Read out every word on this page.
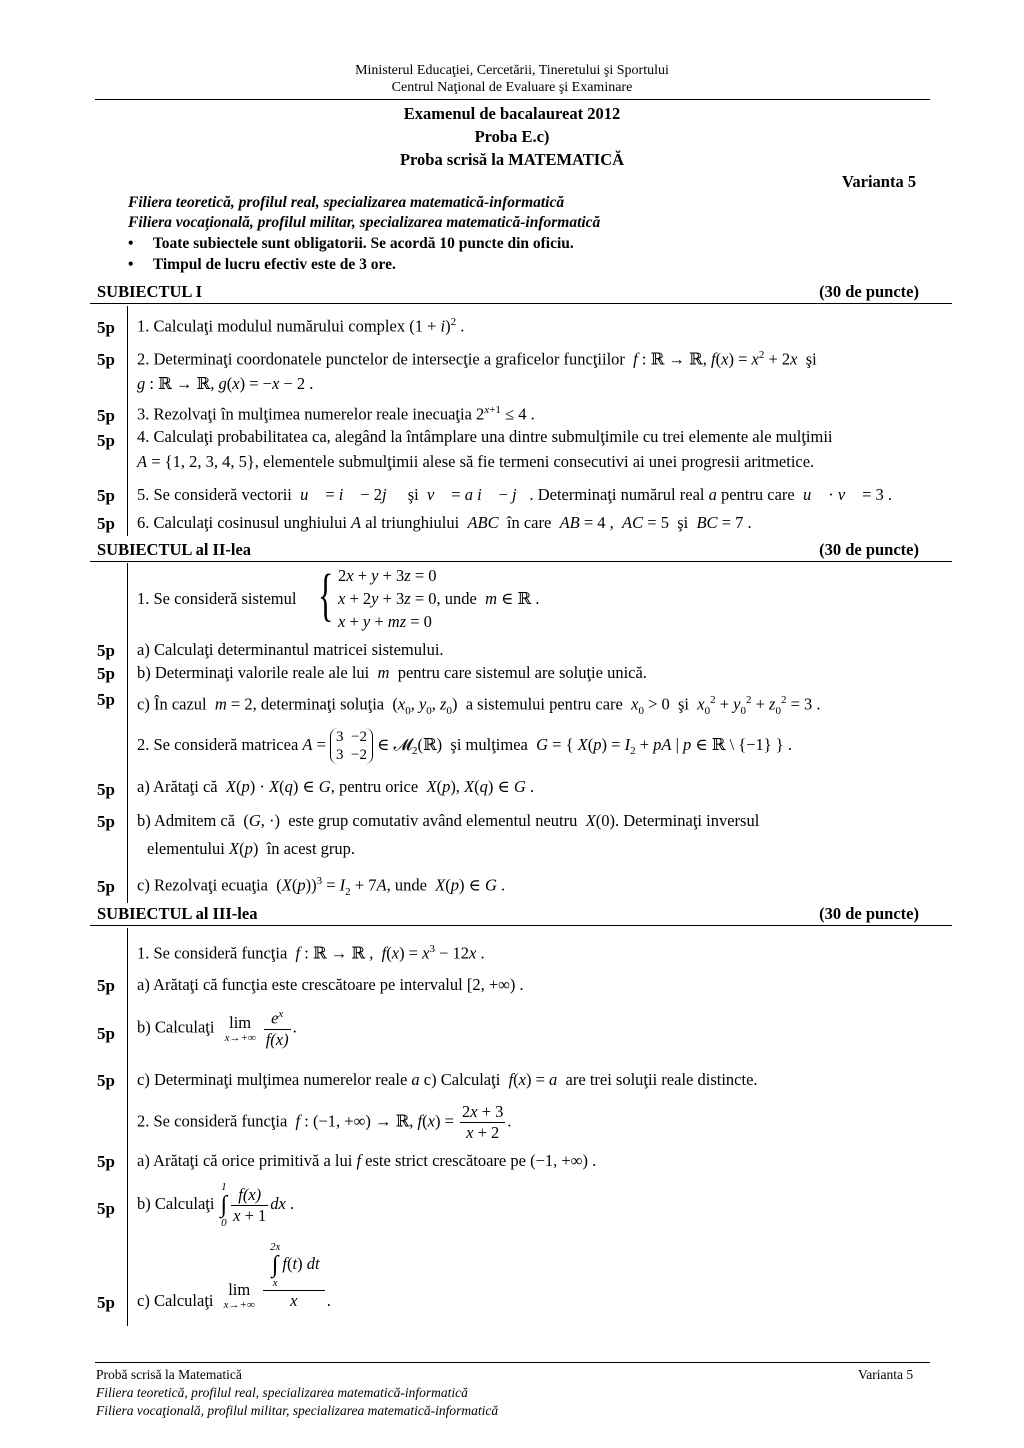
Ministerul Educaţiei, Cercetării, Tineretului şi Sportului
Centrul Naţional de Evaluare şi Examinare
Examenul de bacalaureat 2012
Proba E.c)
Proba scrisă la MATEMATICĂ
Varianta 5
Filiera teoretică, profilul real, specializarea matematică-informatică
Filiera vocaţională, profilul militar, specializarea matematică-informatică
•     Toate subiectele sunt obligatorii. Se acordă 10 puncte din oficiu.
•     Timpul de lucru efectiv este de 3 ore.
SUBIECTUL I	(30 de puncte)
5p 1. Calculaţi modulul numărului complex $(1 + i)^2$ .
5p 2. Determinaţi coordonatele punctelor de intersecţie a graficelor funcţiilor f : ℝ → ℝ, $f(x) = x^2 + 2x$ şi
g : ℝ → ℝ, g(x) = −x − 2 .
5p 3. Rezolvaţi în mulţimea numerelor reale inecuaţia $2^{x+1} \le 4$ .
5p 4. Calculaţi probabilitatea ca, alegând la întâmplare una dintre submulţimile cu trei elemente ale mulţimii
A = {1, 2, 3, 4, 5}, elementele submulţimii alese să fie termeni consecutivi ai unei progresii aritmetice.
5p 5. Se consideră vectorii u⃗ = i⃗ − 2j⃗ şi v⃗ = a i⃗ − j⃗. Determinaţi numărul real a pentru care u⃗ · v⃗ = 3 .
5p 6. Calculaţi cosinusul unghiului A al triunghiului ABC în care AB = 4 ,  AC = 5  şi BC = 7 .
SUBIECTUL al II-lea	(30 de puncte)
1. Se consideră sistemul { 2x + y + 3z = 0
x + 2y + 3z = 0, unde m ∈ ℝ .
x + y + mz = 0
5p a) Calculaţi determinantul matricei sistemului.
5p b) Determinaţi valorile reale ale lui m pentru care sistemul are soluţie unică.
5p c) În cazul m = 2, determinaţi soluţia  ($x_0$, $y_0$, $z_0$)  a sistemului pentru care $x_0 > 0$  şi $x_0^2 + y_0^2 + z_0^2 = 3$ .
2. Se consideră matricea A = 3  −2
3  −2 ∈ 𝓜$_2$(ℝ)  şi mulţimea G = { $X(p) = I_2$ + pA | p ∈ ℝ \ {−1} } .
5p a) Arătaţi că X(p) · X(q) ∈ G, pentru orice X(p), X(q) ∈ G .
5p b) Admitem că  (G, ·)  este grup comutativ având elementul neutru X(0). Determinaţi inversul
elementului X(p)  în acest grup.
5p c) Rezolvaţi ecuaţia  $(X(p))^3 = I_2 + 7A$, unde X(p) ∈ G .
SUBIECTUL al III-lea	(30 de puncte)
1. Se consideră funcţia f : ℝ → ℝ ,  $f(x) = x^3 - 12x$ .
5p a) Arătaţi că funcţia este crescătoare pe intervalul [2, +∞) .
5p b) Calculaţi lim
$x\to+\infty \frac{e^x}{f(x)}$ .
5p c) Determinaţi mulţimea numerelor reale a c) Calculaţi f(x) = a are trei soluţii reale distincte.
2. Se consideră funcţia f : (−1, +∞) → ℝ, $f(x) = \frac{2x + 3}{x + 2}$ .
5p a) Arătaţi că orice primitivă a lui f este strict crescătoare pe (−1, +∞) .
5p b) Calculaţi
1
∫
$0 \frac{f(x)}{x + 1}$ dx .
5p c) Calculaţi lim
x→+∞ 2x
∫
x
f(t) dt
x .
Probă scrisă la Matematică	Varianta 5
Filiera teoretică, profilul real, specializarea matematică-informatică
Filiera vocaţională, profilul militar, specializarea matematică-informatică
